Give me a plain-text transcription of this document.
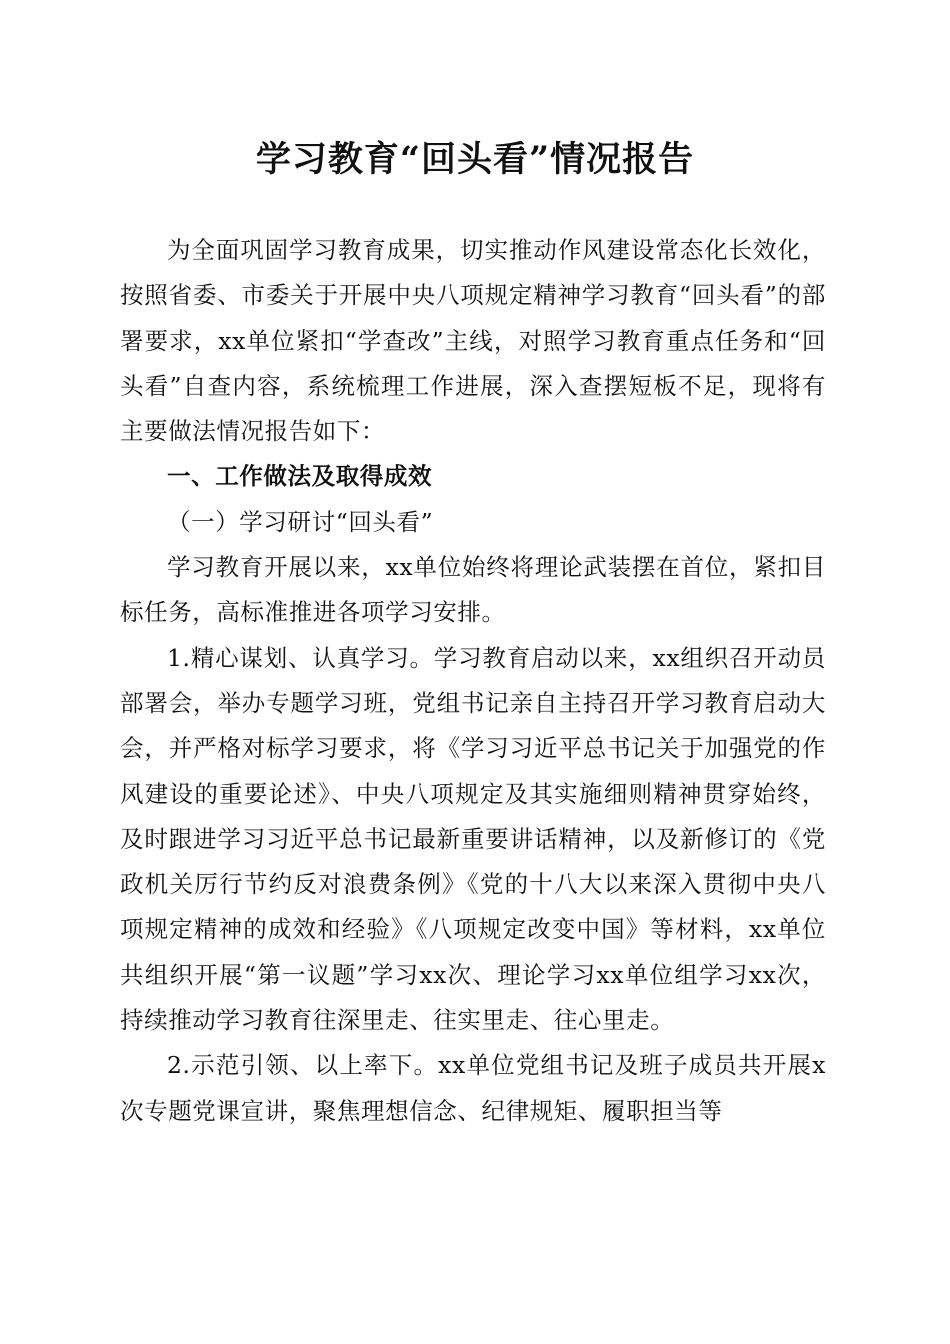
学习教育“回头看”情况报告

为全面巩固学习教育成果，切实推动作风建设常态化长效化，按照省委、市委关于开展中央八项规定精神学习教育“回头看”的部署要求，xx单位紧扣“学查改”主线，对照学习教育重点任务和“回头看”自查内容，系统梳理工作进展，深入查摆短板不足，现将有主要做法情况报告如下：

一、工作做法及取得成效

（一）学习研讨“回头看”

学习教育开展以来，xx单位始终将理论武装摆在首位，紧扣目标任务，高标准推进各项学习安排。

1.精心谋划、认真学习。学习教育启动以来，xx组织召开动员部署会，举办专题学习班，党组书记亲自主持召开学习教育启动大会，并严格对标学习要求，将《学习习近平总书记关于加强党的作风建设的重要论述》、中央八项规定及其实施细则精神贯穿始终，及时跟进学习习近平总书记最新重要讲话精神，以及新修订的《党政机关厉行节约反对浪费条例》《党的十八大以来深入贯彻中央八项规定精神的成效和经验》《八项规定改变中国》等材料，xx单位共组织开展“第一议题”学习xx次、理论学习xx单位组学习xx次，持续推动学习教育往深里走、往实里走、往心里走。

2.示范引领、以上率下。xx单位党组书记及班子成员共开展x次专题党课宣讲，聚焦理想信念、纪律规矩、履职担当等
